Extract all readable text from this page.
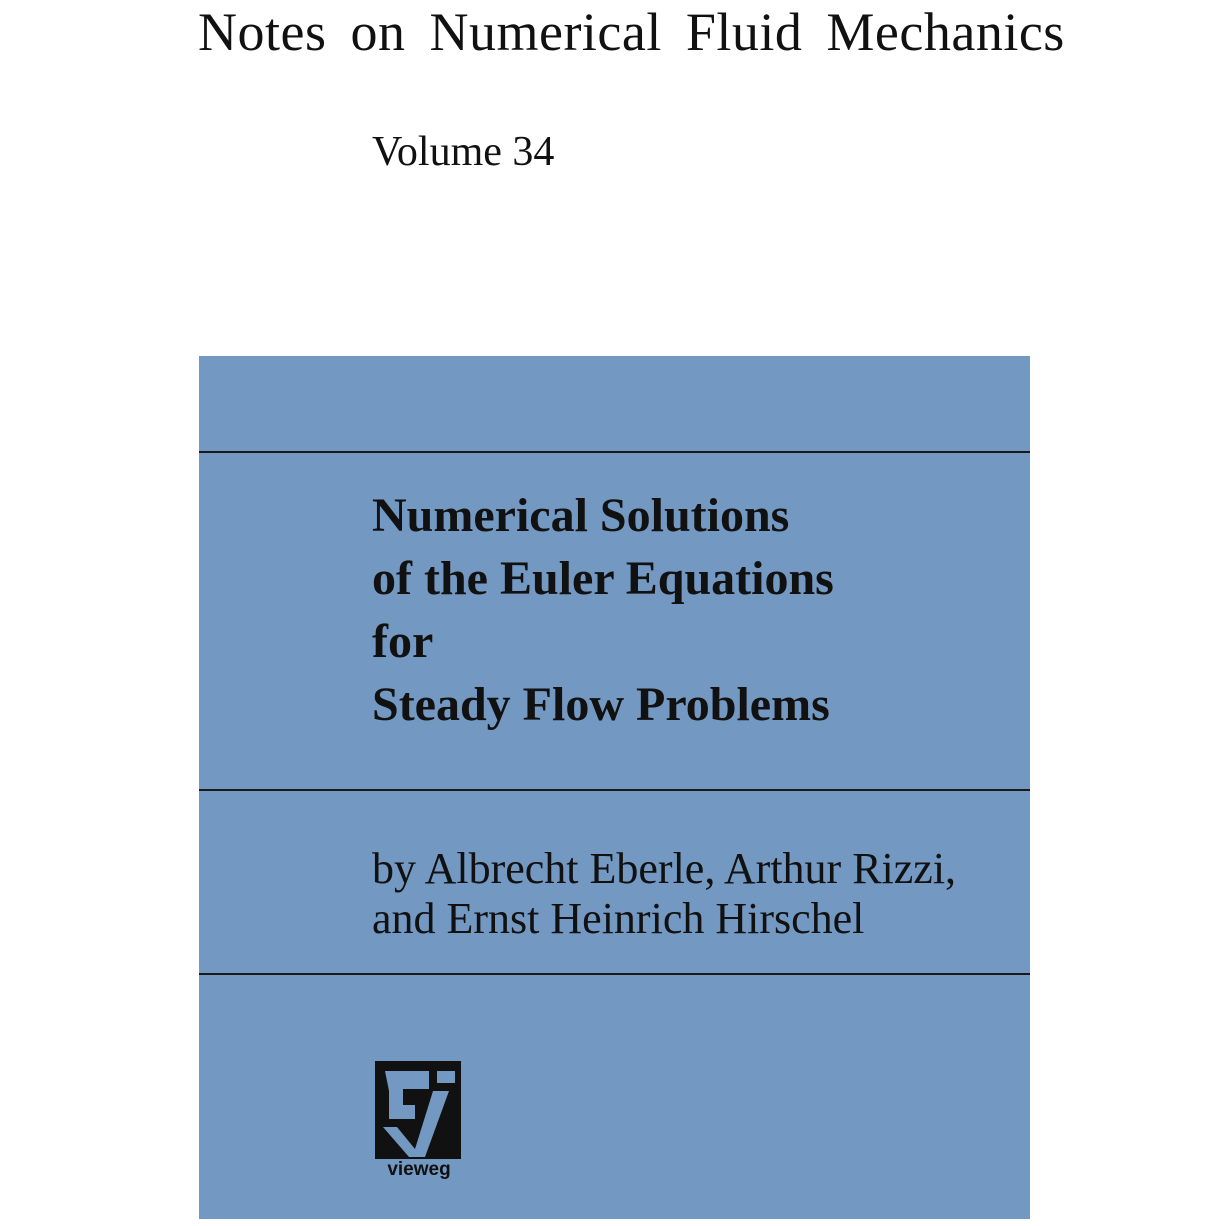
Notes on Numerical Fluid Mechanics
Volume 34
Numerical Solutions
of the Euler Equations
for
Steady Flow Problems
by Albrecht Eberle, Arthur Rizzi,
and Ernst Heinrich Hirschel
vieweg
